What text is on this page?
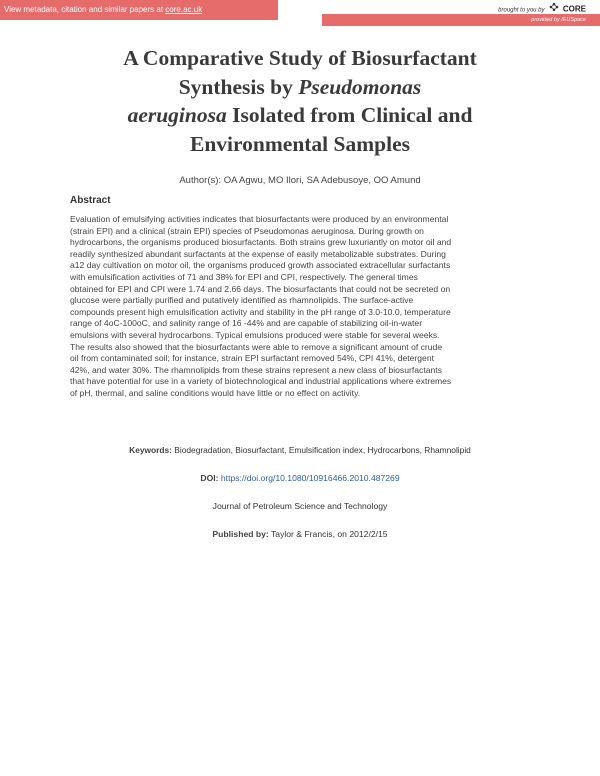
View metadata, citation and similar papers at core.ac.uk	brought to you by CORE
provided by IEUSpace
A Comparative Study of Biosurfactant
Synthesis by Pseudomonas
aeruginosa Isolated from Clinical and
Environmental Samples
Author(s): OA Agwu, MO Ilori, SA Adebusoye, OO Amund
Abstract
Evaluation of emulsifying activities indicates that biosurfactants were produced by an environmental
(strain EPI) and a clinical (strain EPI) species of Pseudomonas aeruginosa. During growth on
hydrocarbons, the organisms produced biosurfactants. Both strains grew luxuriantly on motor oil and
readily synthesized abundant surfactants at the expense of easily metabolizable substrates. During
a12 day cultivation on motor oil, the organisms produced growth associated extracellular surfactants
with emulsification activities of 71 and 38% for EPI and CPI, respectively. The general times
obtained for EPI and CPI were 1.74 and 2.66 days. The biosurfactants that could not be secreted on
glucose were partially purified and putatively identified as rhamnolipids. The surface-active
compounds present high emulsification activity and stability in the pH range of 3.0-10.0, temperature
range of 4oC-100oC, and salinity range of 16 -44% and are capable of stabilizing oil-in-water
emulsions with several hydrocarbons. Typical emulsions produced were stable for several weeks.
The results also showed that the biosurfactants were able to remove a significant amount of crude
oil from contaminated soil; for instance, strain EPI surfactant removed 54%, CPI 41%, detergent
42%, and water 30%. The rhamnolipids from these strains represent a new class of biosurfactants
that have potential for use in a variety of biotechnological and industrial applications where extremes
of pH, thermal, and saline conditions would have little or no effect on activity.
Keywords: Biodegradation, Biosurfactant, Emulsification index, Hydrocarbons, Rhamnolipid
DOI: https://doi.org/10.1080/10916466.2010.487269
Journal of Petroleum Science and Technology
Published by: Taylor & Francis, on 2012/2/15
